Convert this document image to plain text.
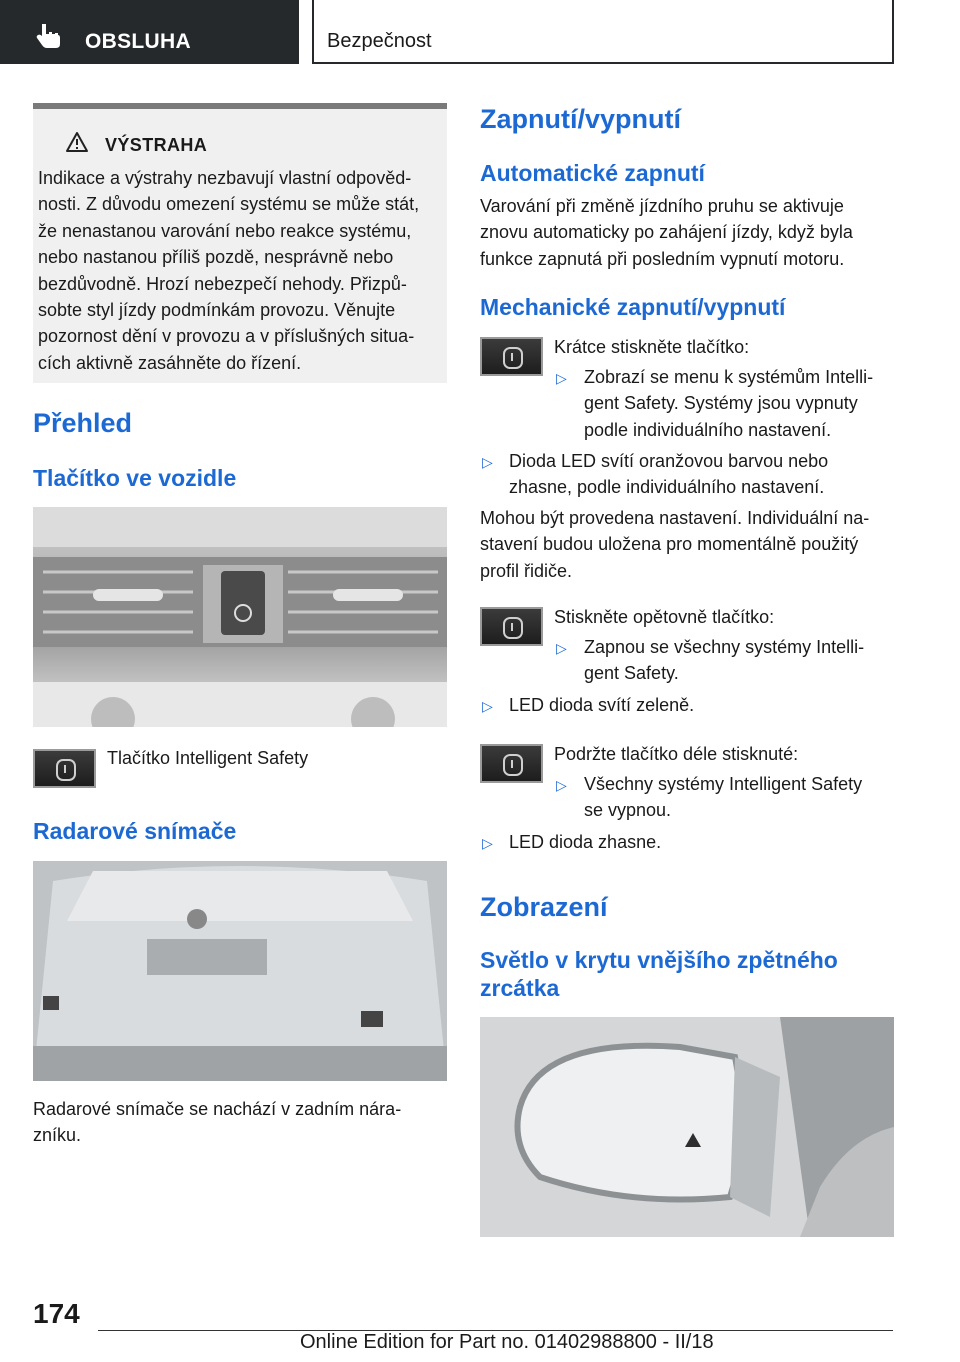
OBSLUHA	Bezpečnost
VÝSTRAHA
Indikace a výstrahy nezbavují vlastní odpověd‐
nosti. Z důvodu omezení systému se může stát,
že nenastanou varování nebo reakce systému,
nebo nastanou příliš pozdě, nesprávně nebo
bezdůvodně. Hrozí nebezpečí nehody. Přizpů‐
sobte styl jízdy podmínkám provozu. Věnujte
pozornost dění v provozu a v příslušných situa‐
cích aktivně zasáhněte do řízení.
Přehled
Tlačítko ve vozidle
Tlačítko Intelligent Safety
Radarové snímače
Radarové snímače se nachází v zadním nára‐
zníku.
Zapnutí/vypnutí
Automatické zapnutí
Varování při změně jízdního pruhu se aktivuje
znovu automaticky po zahájení jízdy, když byla
funkce zapnutá při posledním vypnutí motoru.
Mechanické zapnutí/vypnutí
Krátce stiskněte tlačítko:
▷ Zobrazí se menu k systémům Intelli‐
gent Safety. Systémy jsou vypnuty
podle individuálního nastavení.
▷ Dioda LED svítí oranžovou barvou nebo
zhasne, podle individuálního nastavení.
Mohou být provedena nastavení. Individuální na‐
stavení budou uložena pro momentálně použitý
profil řidiče.
Stiskněte opětovně tlačítko:
▷ Zapnou se všechny systémy Intelli‐
gent Safety.
▷ LED dioda svítí zeleně.
Podržte tlačítko déle stisknuté:
▷ Všechny systémy Intelligent Safety
se vypnou.
▷ LED dioda zhasne.
Zobrazení
Světlo v krytu vnějšího zpětného
zrcátka
174
Online Edition for Part no. 01402988800 - II/18
